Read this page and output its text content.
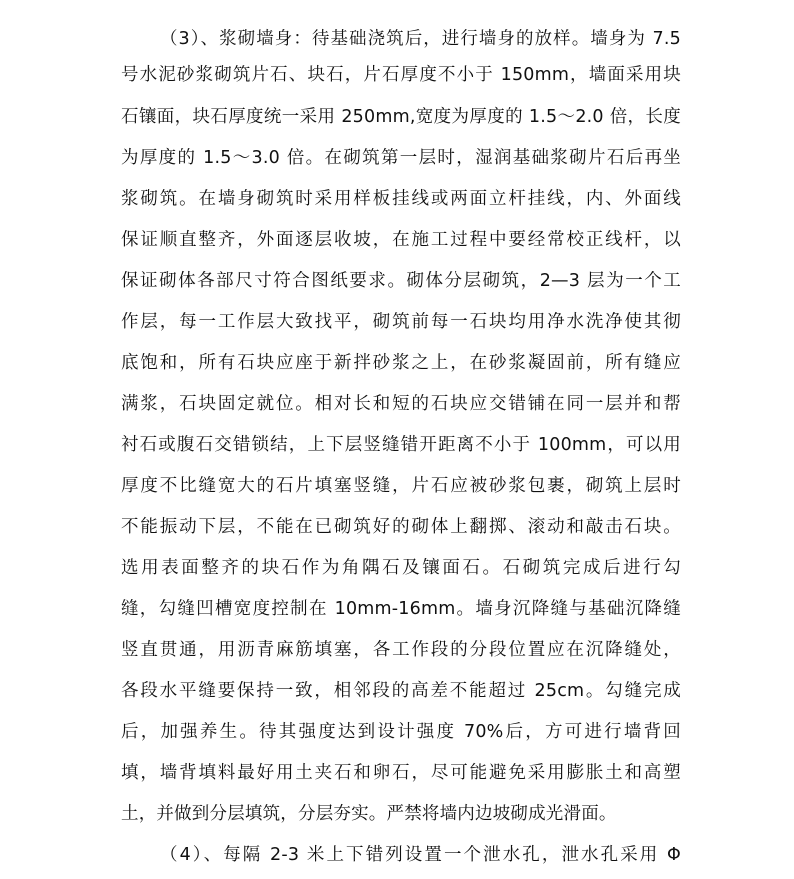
（3）、浆砌墙身：待基础浇筑后，进行墙身的放样。墙身为 7.5
号水泥砂浆砌筑片石、块石，片石厚度不小于 150mm，墙面采用块
石镶面，块石厚度统一采用 250mm,宽度为厚度的 1.5～2.0 倍，长度
为厚度的 1.5～3.0 倍。在砌筑第一层时，湿润基础浆砌片石后再坐
浆砌筑。在墙身砌筑时采用样板挂线或两面立杆挂线，内、外面线
保证顺直整齐，外面逐层收坡，在施工过程中要经常校正线杆，以
保证砌体各部尺寸符合图纸要求。砌体分层砌筑，2—3 层为一个工
作层，每一工作层大致找平，砌筑前每一石块均用净水洗净使其彻
底饱和，所有石块应座于新拌砂浆之上，在砂浆凝固前，所有缝应
满浆，石块固定就位。相对长和短的石块应交错铺在同一层并和帮
衬石或腹石交错锁结，上下层竖缝错开距离不小于 100mm，可以用
厚度不比缝宽大的石片填塞竖缝，片石应被砂浆包裹，砌筑上层时
不能振动下层，不能在已砌筑好的砌体上翻掷、滚动和敲击石块。
选用表面整齐的块石作为角隅石及镶面石。石砌筑完成后进行勾
缝，勾缝凹槽宽度控制在 10mm-16mm。墙身沉降缝与基础沉降缝
竖直贯通，用沥青麻筋填塞，各工作段的分段位置应在沉降缝处，
各段水平缝要保持一致，相邻段的高差不能超过 25cm。勾缝完成
后，加强养生。待其强度达到设计强度 70%后，方可进行墙背回
填，墙背填料最好用土夹石和卵石，尽可能避免采用膨胀土和高塑
土，并做到分层填筑，分层夯实。严禁将墙内边坡砌成光滑面。
（4）、每隔 2-3 米上下错列设置一个泄水孔，泄水孔采用 Φ
